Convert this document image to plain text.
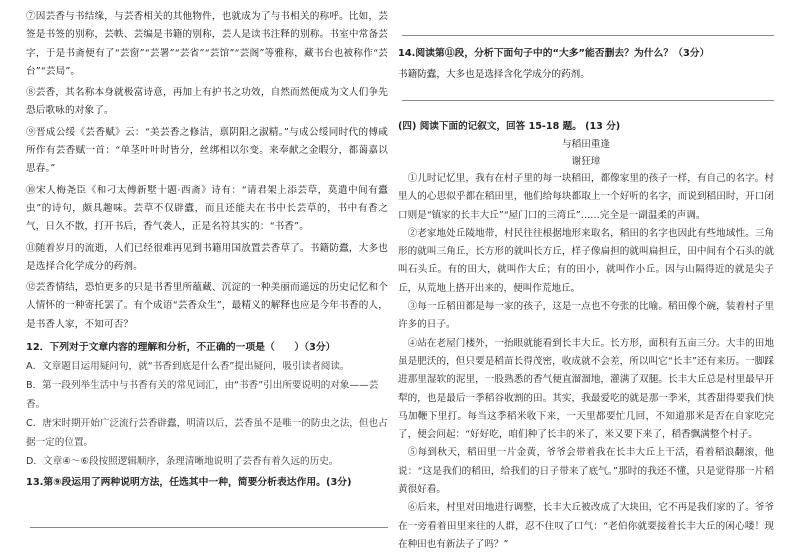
⑦因芸香与书结缘，与芸香相关的其他物件，也就成为了与书相关的称呼。比如，芸签是书签的别称，芸帙、芸编是书籍的别称，芸人是读书注释的别称。书室中常备芸字，于是书斋便有了“芸窗”“芸署”“芸省”“芸馆”“芸阁”等雅称，藏书台也被称作“芸台”“芸局”。

⑧芸香，其名称本身就极富诗意，再加上有护书之功效，自然而然便成为文人们争先恐后歌咏的对象了。

⑨晋成公绥《芸香赋》云：“美芸香之修洁，禀阴阳之淑精。”与成公绥同时代的傅咸所作有芸香赋一首：“单茎叶叶时皆分，丝绑相以尔变。来奉献之金暇分，都蔼嘉以思春。”

⑩宋人梅尧臣《和刁太傅新墅十题·西斋》诗有：“请君架上添芸草，莫遣中间有蠹虫”的诗句，颇具趣味。芸草不仅辟蠹，而且还能夫在书中长芸草的，书中有香之气，日久不散，打开书后，香气袭人，正是名符其实的：“书香”。

⑪随着岁月的流逝，人们已经很难再见到书籍用国放置芸香草了。书籍防蠹，大多也是选择合化学成分的药剂。

⑫芸香情结，恐怕更多的只是书香里所蕴藏、沉淀的一种美丽而遥远的历史记忆和个人情怀的一种寄托罢了。有个成语“芸香众生”，最精义的解释也应是今年书香的人，是书香人家，不知可否？

12．下列对于文章内容的理解和分析，不正确的一项是（　　）（3分）

A．文章题目运用疑问句，就“书香到底是什么香”提出疑问，吸引读者阅读。

B．第一段列举生活中与书香有关的常见词汇，由“书香”引出所要说明的对象——芸香。

C．唐宋时期开始广泛流行芸香辟蠹，明清以后，芸香虽不是唯一的防虫之法，但也占据一定的位置。

D．文章④～⑥段按照逻辑顺序，条理清晰地说明了芸香有着久远的历史。

13.第⑨段运用了两种说明方法，任选其中一种，简要分析表达作用。(3分)

14.阅读第⑪段，分析下面句子中的“大多”能否删去？为什么？（3分）

书籍防蠹，大多也是选择含化学成分的药剂。

(四) 阅读下面的记叙文，回答 15-18 题。 (13 分)

与稻田重逢

谢狂璋

①儿时记忆里，我有在村子里的每一块稻田，都像家里的孩子一样，有自己的名字。村里人的心思似乎都在稻田里，他们给每块都取上一个好听的名字，而说到稻田时，开口闭口则是“镇家的长丰大丘”“屋门口的三湾丘”……完全是一副温柔的声调。

②老家地处丘陵地带，村民往往根据地形来取名，稻田的名字也因此有些地域性。三角形的就叫三角丘，长方形的就叫长方丘，样子像扁担的就叫扁担丘，田中间有个石头的就叫石头丘。有的田大，就叫作大丘；有的田小，就叫作小丘。因与山隔得近的就是尖子丘，从荒地上搭开出来的，便叫作荒地丘。

③每一丘稻田都是每一家的孩子，这是一点也不夸张的比喻。稻田像个碗，装着村子里许多的日子。

④站在老屋门楼外，一抬眼就能看到长丰大丘。长方形，面积有五亩三分。大丰的田地虽是肥沃的，但只要是稻苗长得茂密，收成就不会差，所以叫它“长丰”还有来历。一脚踩进那里湿软的泥里，一股熟悉的香气便直溜溜地，灌满了双腿。长丰大丘总是村里最早开犁的，也是最后一季稻谷收割的田。其实，我最爱吃的就是那一季米，其香甜得要我们快马加鞭下里打。每当这季稻米收下来，一天里都要忙几回，不知道那米是否在自家吃完了，便会问起：“好好吃，咱们种了长丰的米了，米又要下来了，稻香飘满整个村子。

⑤每到秋天，稻田里一片金黄，爷爷会带着我在长丰大丘上干活，看着稻浪翻滚，他说：“这是我们的稻田，给我们的日子带来了底气。”那时的我还不懂，只是觉得那一片稻黄很好看。

⑥后来，村里对田地进行调整，长丰大丘被改成了大块田，它不再是我们家的了。爷爷在一旁看着田里来往的人群，忍不住叹了口气：“老伯你就要接着长丰大丘的闲心喽！现在种田也有新法子了吗？”
